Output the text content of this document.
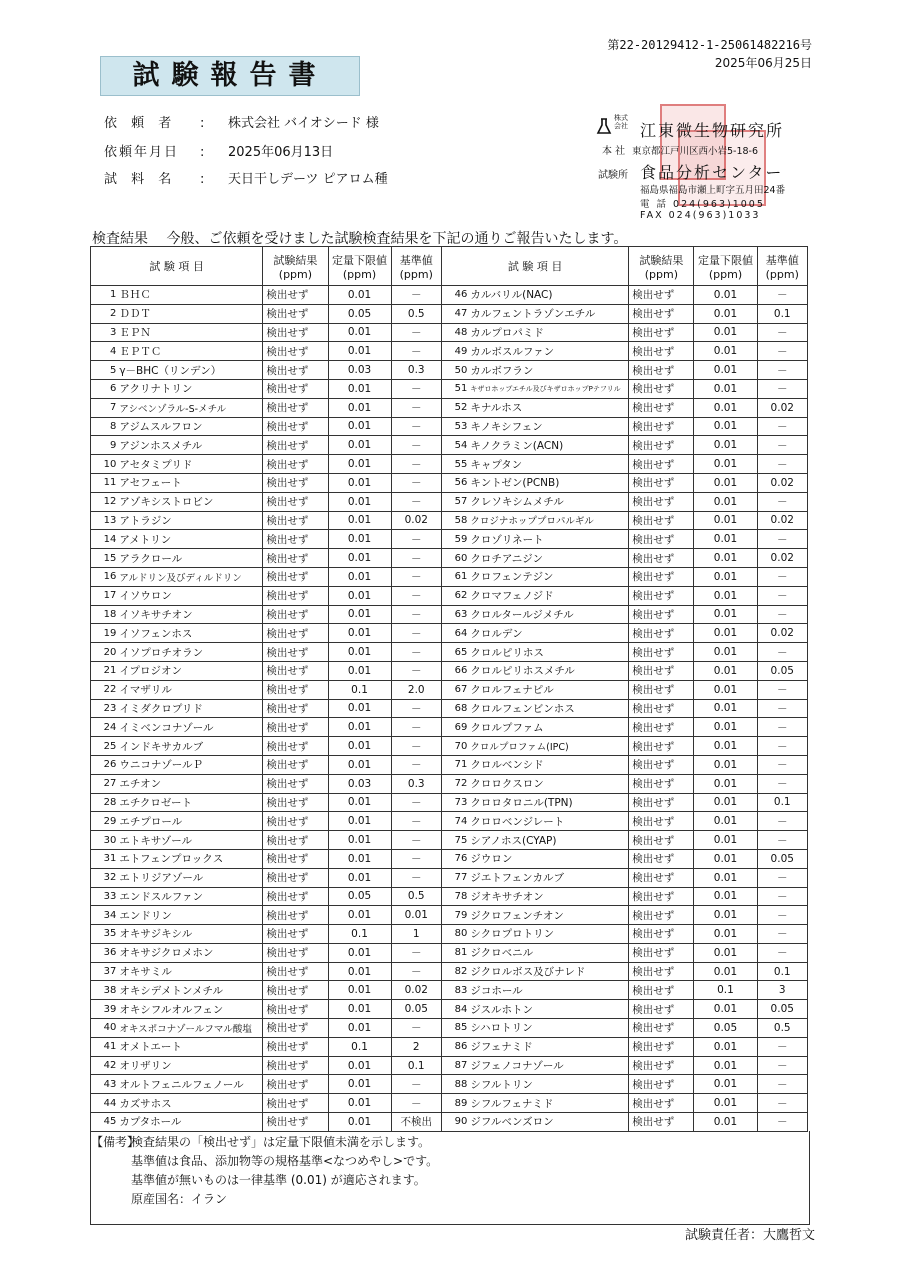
第22-20129412-1-25061482216号
2025年06月25日
試験報告書
依 頼 者 : 株式会社 バイオシード 様
依頼年月日 : 2025年06月13日
試 料 名 : 天日干しデーツ ピアロム種
株式会社 江東微生物研究所
本 社 東京都江戸川区西小岩5-18-6
試験所 食品分析センター
福島県福島市瀬上町字五月田24番
電 話 024(963)1005
FAX 024(963)1033
検査結果　 今般、ご依頼を受けました試験検査結果を下記の通りご報告いたします。
試 験 項 目		試験結果
(ppm)	定量下限値
(ppm)	基準値
(ppm)	試 験 項 目		試験結果
(ppm)	定量下限値
(ppm)	基準値
(ppm)
1	ＢＨＣ	検出せず	0.01	－	46	カルバリル(NAC)	検出せず	0.01	－
2	ＤＤＴ	検出せず	0.05	0.5	47	カルフェントラゾンエチル	検出せず	0.01	0.1
3	ＥＰＮ	検出せず	0.01	－	48	カルプロパミド	検出せず	0.01	－
4	ＥＰＴＣ	検出せず	0.01	－	49	カルボスルファン	検出せず	0.01	－
5	γ－BHC（リンデン）	検出せず	0.03	0.3	50	カルボフラン	検出せず	0.01	－
6	アクリナトリン	検出せず	0.01	－	51	キザロホップエチル及びキザロホップPテフリル	検出せず	0.01	－
7	アシベンゾラル-S-メチル	検出せず	0.01	－	52	キナルホス	検出せず	0.01	0.02
8	アジムスルフロン	検出せず	0.01	－	53	キノキシフェン	検出せず	0.01	－
9	アジンホスメチル	検出せず	0.01	－	54	キノクラミン(ACN)	検出せず	0.01	－
10	アセタミプリド	検出せず	0.01	－	55	キャプタン	検出せず	0.01	－
11	アセフェート	検出せず	0.01	－	56	キントゼン(PCNB)	検出せず	0.01	0.02
12	アゾキシストロビン	検出せず	0.01	－	57	クレソキシムメチル	検出せず	0.01	－
13	アトラジン	検出せず	0.01	0.02	58	クロジナホッププロパルギル	検出せず	0.01	0.02
14	アメトリン	検出せず	0.01	－	59	クロゾリネート	検出せず	0.01	－
15	アラクロール	検出せず	0.01	－	60	クロチアニジン	検出せず	0.01	0.02
16	アルドリン及びディルドリン	検出せず	0.01	－	61	クロフェンテジン	検出せず	0.01	－
17	イソウロン	検出せず	0.01	－	62	クロマフェノジド	検出せず	0.01	－
18	イソキサチオン	検出せず	0.01	－	63	クロルタールジメチル	検出せず	0.01	－
19	イソフェンホス	検出せず	0.01	－	64	クロルデン	検出せず	0.01	0.02
20	イソプロチオラン	検出せず	0.01	－	65	クロルピリホス	検出せず	0.01	－
21	イプロジオン	検出せず	0.01	－	66	クロルピリホスメチル	検出せず	0.01	0.05
22	イマザリル	検出せず	0.1	2.0	67	クロルフェナピル	検出せず	0.01	－
23	イミダクロプリド	検出せず	0.01	－	68	クロルフェンビンホス	検出せず	0.01	－
24	イミベンコナゾール	検出せず	0.01	－	69	クロルプファム	検出せず	0.01	－
25	インドキサカルブ	検出せず	0.01	－	70	クロルプロファム(IPC)	検出せず	0.01	－
26	ウニコナゾールＰ	検出せず	0.01	－	71	クロルベンシド	検出せず	0.01	－
27	エチオン	検出せず	0.03	0.3	72	クロロクスロン	検出せず	0.01	－
28	エチクロゼート	検出せず	0.01	－	73	クロロタロニル(TPN)	検出せず	0.01	0.1
29	エチプロール	検出せず	0.01	－	74	クロロベンジレート	検出せず	0.01	－
30	エトキサゾール	検出せず	0.01	－	75	シアノホス(CYAP)	検出せず	0.01	－
31	エトフェンプロックス	検出せず	0.01	－	76	ジウロン	検出せず	0.01	0.05
32	エトリジアゾール	検出せず	0.01	－	77	ジエトフェンカルブ	検出せず	0.01	－
33	エンドスルファン	検出せず	0.05	0.5	78	ジオキサチオン	検出せず	0.01	－
34	エンドリン	検出せず	0.01	0.01	79	ジクロフェンチオン	検出せず	0.01	－
35	オキサジキシル	検出せず	0.1	1	80	シクロプロトリン	検出せず	0.01	－
36	オキサジクロメホン	検出せず	0.01	－	81	ジクロベニル	検出せず	0.01	－
37	オキサミル	検出せず	0.01	－	82	ジクロルボス及びナレド	検出せず	0.01	0.1
38	オキシデメトンメチル	検出せず	0.01	0.02	83	ジコホール	検出せず	0.1	3
39	オキシフルオルフェン	検出せず	0.01	0.05	84	ジスルホトン	検出せず	0.01	0.05
40	オキスポコナゾールフマル酸塩	検出せず	0.01	－	85	シハロトリン	検出せず	0.05	0.5
41	オメトエート	検出せず	0.1	2	86	ジフェナミド	検出せず	0.01	－
42	オリザリン	検出せず	0.01	0.1	87	ジフェノコナゾール	検出せず	0.01	－
43	オルトフェニルフェノール	検出せず	0.01	－	88	シフルトリン	検出せず	0.01	－
44	カズサホス	検出せず	0.01	－	89	シフルフェナミド	検出せず	0.01	－
45	カプタホール	検出せず	0.01	不検出	90	ジフルベンズロン	検出せず	0.01	－
【備考】
検査結果の「検出せず」は定量下限値未満を示します。
基準値は食品、添加物等の規格基準<なつめやし>です。
基準値が無いものは一律基準 (0.01) が適応されます。
原産国名：イラン
試験責任者：大鷹哲文
